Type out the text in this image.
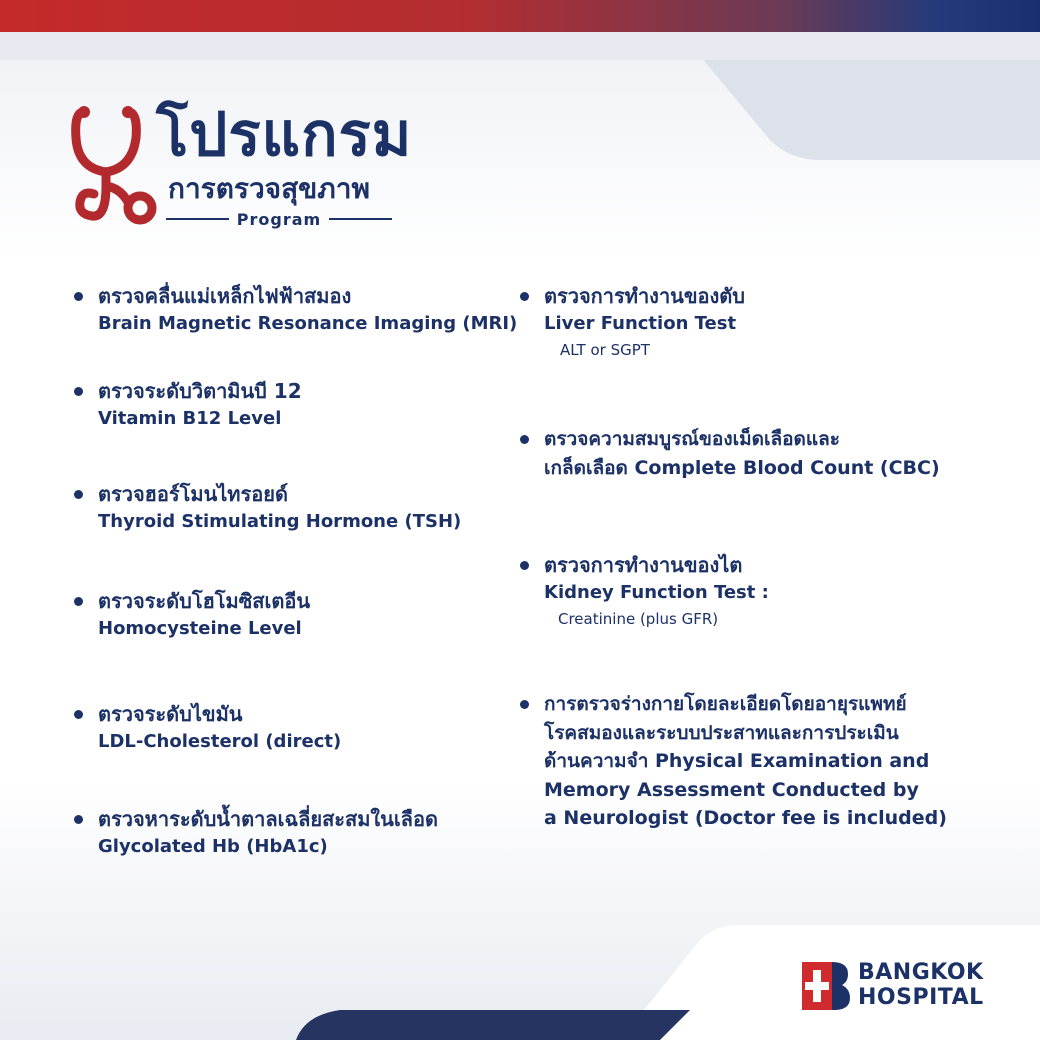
โปรแกรม
การตรวจสุขภาพ
Program
ตรวจคลื่นแม่เหล็กไฟฟ้าสมอง
Brain Magnetic Resonance Imaging (MRI)
ตรวจระดับวิตามินบี 12
Vitamin B12 Level
ตรวจฮอร์โมนไทรอยด์
Thyroid Stimulating Hormone (TSH)
ตรวจระดับโฮโมซิสเตอีน
Homocysteine Level
ตรวจระดับไขมัน
LDL-Cholesterol (direct)
ตรวจหาระดับน้ำตาลเฉลี่ยสะสมในเลือด
Glycolated Hb (HbA1c)
ตรวจการทำงานของตับ
Liver Function Test
ALT or SGPT
ตรวจความสมบูรณ์ของเม็ดเลือดและ
เกล็ดเลือด Complete Blood Count (CBC)
ตรวจการทำงานของไต
Kidney Function Test :
Creatinine (plus GFR)
การตรวจร่างกายโดยละเอียดโดยอายุรแพทย์
โรคสมองและระบบประสาทและการประเมิน
ด้านความจำ Physical Examination and
Memory Assessment Conducted by
a Neurologist (Doctor fee is included)
BANGKOK
HOSPITAL
